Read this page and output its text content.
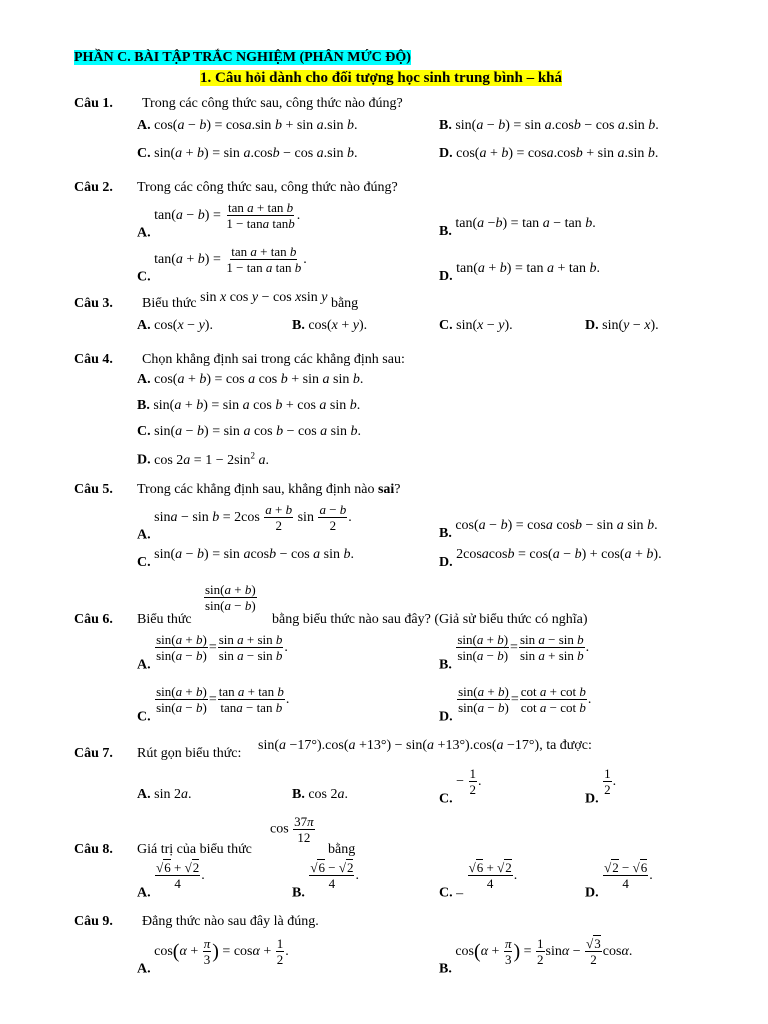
PHẦN C. BÀI TẬP TRẮC NGHIỆM (PHÂN MỨC ĐỘ)
1. Câu hỏi dành cho đối tượng học sinh trung bình – khá
Câu 1. Trong các công thức sau, công thức nào đúng?
A. cos(a − b) = cosa.sin b + sin a.sin b.	B. sin(a − b) = sin a.cosb − cos a.sin b.
C. sin(a + b) = sin a.cosb − cos a.sin b.	D. cos(a + b) = cosa.cosb + sin a.sin b.
Câu 2. Trong các công thức sau, công thức nào đúng?
A. $\tan(a - b) = \frac{\text{tan a + tan b}}{\text{1 − tana tanb}}$ .
B. tan(a −b) = tan a − tan b.
C. $\tan(a + b) = \frac{\text{tan a + tan b}}{\text{1 − tan a tan b}}$ .
D. tan(a + b) = tan a + tan b.
Câu 3. Biểu thức sin x cos y − cos xsin y bằng
A. cos(x − y).	B. cos(x + y).	C. sin(x − y).	D. sin(y − x).
Câu 4. Chọn khẳng định sai trong các khẳng định sau:
A. cos(a + b) = cos a cos b + sin a sin b.
B. sin(a + b) = sin a cos b + cos a sin b.
C. sin(a − b) = sin a cos b − cos a sin b.
D. $\cos 2a = 1 - 2\sin^2$ a.
Câu 5. Trong các khẳng định sau, khẳng định nào sai?
A. $\sin a - \sin b = 2\cos \frac{a + b}{2}$ $\sin \frac{a - b}{2}$ .
B. cos(a − b) = cosa cosb − sin a sin b.
C. sin(a − b) = sin acosb − cos a sin b.
D. 2cosacosb = cos(a − b) + cos(a + b).
Câu 6. Biểu thức
$\frac{\sin(a + b)}{\sin(a - b)}$
bằng biểu thức nào sau đây? (Giả sử biểu thức có nghĩa)
A.
$\frac{\sin(a + b)}{\sin(a - b)} = \frac{\text{sin a + sin b}}{\text{sin a − sin b}}$ .
B.
$\frac{\sin(a + b)}{\sin(a - b)} = \frac{\text{sin a − sin b}}{\text{sin a + sin b}}$ .
C.
$\frac{\sin(a + b)}{\sin(a - b)} = \frac{\text{tan a + tan b}}{\text{tana − tan b}}$ .
D.
$\frac{\sin(a + b)}{\sin(a - b)} = \frac{\text{cot a + cot b}}{\text{cot a − cot b}}$ .
Câu 7. Rút gọn biểu thức:
sin(a −17°).cos(a +13°) − sin(a +13°).cos(a −17°), ta được:
A. sin 2a.	B. cos 2a.	C. − $\frac{1}{2}$ .
D.
$\frac{1}{2}$ .
Câu 8. Giá trị của biểu thức
$\cos \frac{37\pi}{12}$
bằng
A.
$\frac{√6 + √2}{4}$ .
B.
$\frac{√6 - √2}{4}$ .
C. –
$\frac{√6 + √2}{4}$ .
D.
$\frac{√2 - √6}{4}$ .
Câu 9. Đẳng thức nào sau đây là đúng.
A. $\cos(\alpha + \frac{\pi}{3}$ ) = $\cos\alpha + \frac{1}{2}$ .
B. $\cos(\alpha + \frac{\pi}{3}$ ) = $\frac{1}{2}$ $\sin\alpha - \frac{√3}{2} \cos\alpha$.
